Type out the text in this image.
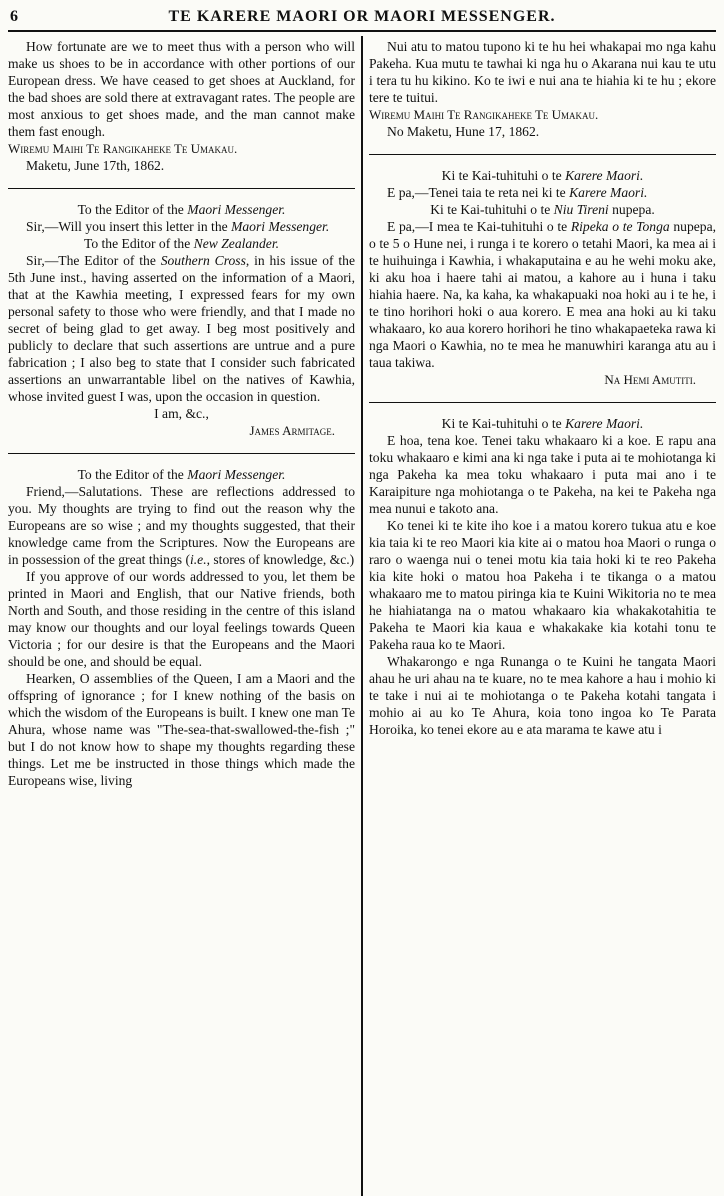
6	TE KARERE MAORI OR MAORI MESSENGER.

How fortunate are we to meet thus with a person who will make us shoes to be in accordance with other portions of our European dress. We have ceased to get shoes at Auckland, for the bad shoes are sold there at extravagant rates. The people are most anxious to get shoes made, and the man cannot make them fast enough.

Wiremu Maihi Te Rangikaheke Te Umakau.

Maketu, June 17th, 1862.

To the Editor of the Maori Messenger.

Sir,—Will you insert this letter in the Maori Messenger.

To the Editor of the New Zealander.

Sir,—The Editor of the Southern Cross, in his issue of the 5th June inst., having asserted on the information of a Maori, that at the Kawhia meeting, I expressed fears for my own personal safety to those who were friendly, and that I made no secret of being glad to get away. I beg most positively and publicly to declare that such assertions are untrue and a pure fabrication ; I also beg to state that I consider such fabricated assertions an unwarrantable libel on the natives of Kawhia, whose invited guest I was, upon the occasion in question.

I am, &c.,

James Armitage.

To the Editor of the Maori Messenger.

Friend,—Salutations. These are reflections addressed to you. My thoughts are trying to find out the reason why the Europeans are so wise ; and my thoughts suggested, that their knowledge came from the Scriptures. Now the Europeans are in possession of the great things (i.e., stores of knowledge, &c.)

If you approve of our words addressed to you, let them be printed in Maori and English, that our Native friends, both North and South, and those residing in the centre of this island may know our thoughts and our loyal feelings towards Queen Victoria ; for our desire is that the Europeans and the Maori should be one, and should be equal.

Hearken, O assemblies of the Queen, I am a Maori and the offspring of ignorance ; for I knew nothing of the basis on which the wisdom of the Europeans is built. I knew one man Te Ahura, whose name was "The-sea-that-swallowed-the-fish ;" but I do not know how to shape my thoughts regarding these things. Let me be instructed in those things which made the Europeans wise, living

Nui atu to matou tupono ki te hu hei whakapai mo nga kahu Pakeha. Kua mutu te tawhai ki nga hu o Akarana nui kau te utu i tera tu hu kikino. Ko te iwi e nui ana te hiahia ki te hu ; ekore tere te tuitui.

Wiremu Maihi Te Rangikaheke Te Umakau.

No Maketu, Hune 17, 1862.

Ki te Kai-tuhituhi o te Karere Maori.

E pa,—Tenei taia te reta nei ki te Karere Maori.

Ki te Kai-tuhituhi o te Niu Tireni nupepa.

E pa,—I mea te Kai-tuhituhi o te Ripeka o te Tonga nupepa, o te 5 o Hune nei, i runga i te korero o tetahi Maori, ka mea ai i te huihuinga i Kawhia, i whakaputaina e au he wehi moku ake, ki aku hoa i haere tahi ai matou, a kahore au i huna i taku hiahia haere. Na, ka kaha, ka whakapuaki noa hoki au i te he, i te tino horihori hoki o aua korero. E mea ana hoki au ki taku whakaaro, ko aua korero horihori he tino whakapaeteka rawa ki nga Maori o Kawhia, no te mea he manuwhiri karanga atu au i taua takiwa.

Na Hemi Amutiti.

Ki te Kai-tuhituhi o te Karere Maori.

E hoa, tena koe. Tenei taku whakaaro ki a koe. E rapu ana toku whakaaro e kimi ana ki nga take i puta ai te mohiotanga ki nga Pakeha ka mea toku whakaaro i puta mai ano i te Karaipiture nga mohiotanga o te Pakeha, na kei te Pakeha nga mea nunui e takoto ana.

Ko tenei ki te kite iho koe i a matou korero tukua atu e koe kia taia ki te reo Maori kia kite ai o matou hoa Maori o runga o raro o waenga nui o tenei motu kia taia hoki ki te reo Pakeha kia kite hoki o matou hoa Pakeha i te tikanga o a matou whakaaro me to matou piringa kia te Kuini Wikitoria no te mea he hiahiatanga na o matou whakaaro kia whakakotahitia te Pakeha te Maori kia kaua e whakakake kia kotahi tonu te Pakeha raua ko te Maori.

Whakarongo e nga Runanga o te Kuini he tangata Maori ahau he uri ahau na te kuare, no te mea kahore a hau i mohio ki te take i nui ai te mohiotanga o te Pakeha kotahi tangata i mohio ai au ko Te Ahura, koia tono ingoa ko Te Parata Horoika, ko tenei ekore au e ata marama te kawe atu i
